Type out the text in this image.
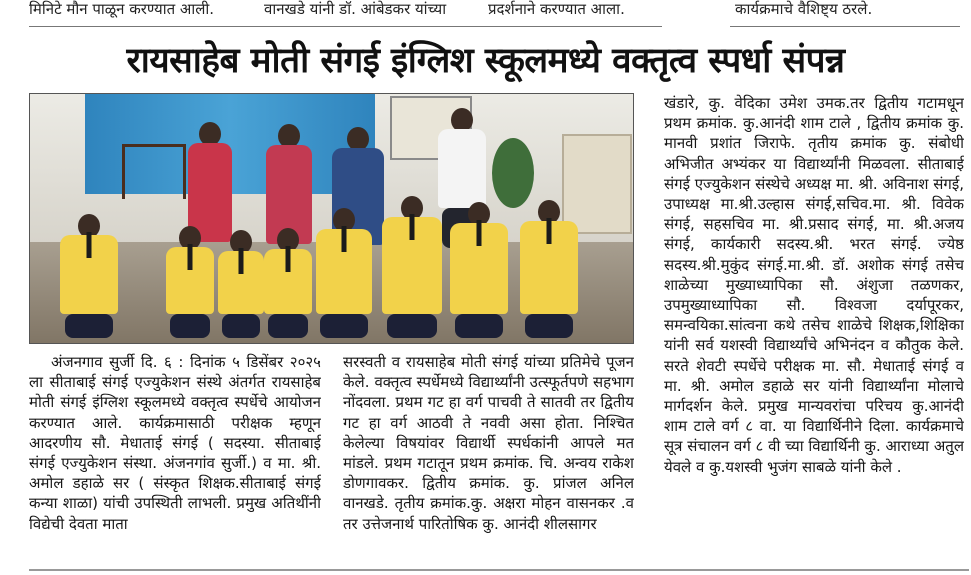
मिनिटे मौन पाळून करण्यात आली.	वानखडे यांनी डॉ. आंबेडकर यांच्या	प्रदर्शनाने करण्यात आला.	कार्यक्रमाचे वैशिष्ट्य ठरले.
रायसाहेब मोती संगई इंग्लिश स्कूलमध्ये वक्तृत्व स्पर्धा संपन्न

अंजनगाव सुर्जी दि. ६ : दिनांक ५ डिसेंबर २०२५ ला सीताबाई संगई एज्युकेशन संस्थे अंतर्गत रायसाहेब मोती संगई इंग्लिश स्कूलमध्ये वक्तृत्व स्पर्धेचे आयोजन करण्यात आले. कार्यक्रमासाठी परीक्षक म्हणून आदरणीय सौ. मेधाताई संगई ( सदस्या. सीताबाई संगई एज्युकेशन संस्था. अंजनगांव सुर्जी.) व मा. श्री. अमोल डहाळे सर ( संस्कृत शिक्षक.सीताबाई संगई कन्या शाळा) यांची उपस्थिती लाभली. प्रमुख अतिथींनी विद्येची देवता माता

सरस्वती व रायसाहेब मोती संगई यांच्या प्रतिमेचे पूजन केले. वक्तृत्व स्पर्धेमध्ये विद्यार्थ्यांनी उत्स्फूर्तपणे सहभाग नोंदवला. प्रथम गट हा वर्ग पाचवी ते सातवी तर द्वितीय गट हा वर्ग आठवी ते नववी असा होता. निश्चित केलेल्या विषयांवर विद्यार्थी स्पर्धकांनी आपले मत मांडले. प्रथम गटातून प्रथम क्रमांक. चि. अन्वय राकेश डोणगावकर. द्वितीय क्रमांक. कु. प्रांजल अनिल वानखडे. तृतीय क्रमांक.कु. अक्षरा मोहन वासनकर .व तर उत्तेजनार्थ पारितोषिक कु. आनंदी शीलसागर

खंडारे, कु. वेदिका उमेश उमक.तर द्वितीय गटामधून प्रथम क्रमांक. कु.आनंदी शाम टाले , द्वितीय क्रमांक कु. मानवी प्रशांत जिराफे. तृतीय क्रमांक कु. संबोधी अभिजीत अभ्यंकर या विद्यार्थ्यांनी मिळवला. सीताबाई संगई एज्युकेशन संस्थेचे अध्यक्ष मा. श्री. अविनाश संगई, उपाध्यक्ष मा.श्री.उल्हास संगई,सचिव.मा. श्री. विवेक संगई, सहसचिव मा. श्री.प्रसाद संगई, मा. श्री.अजय संगई, कार्यकारी सदस्य.श्री. भरत संगई. ज्येष्ठ सदस्य.श्री.मुकुंद संगई.मा.श्री. डॉ. अशोक संगई तसेच शाळेच्या मुख्याध्यापिका सौ. अंशुजा तळणकर, उपमुख्याध्यापिका सौ. विश्वजा दर्यापूरकर, समन्वयिका.सांत्वना कथे तसेच शाळेचे शिक्षक,शिक्षिका यांनी सर्व यशस्वी विद्यार्थ्यांचे अभिनंदन व कौतुक केले. सरते शेवटी स्पर्धेचे परीक्षक मा. सौ. मेधाताई संगई व मा. श्री. अमोल डहाळे सर यांनी विद्यार्थ्यांना मोलाचे मार्गदर्शन केले. प्रमुख मान्यवरांचा परिचय कु.आनंदी शाम टाले वर्ग ८ वा. या विद्यार्थिनीने दिला. कार्यक्रमाचे सूत्र संचालन वर्ग ८ वी च्या विद्यार्थिनी कु. आराध्या अतुल येवले व कु.यशस्वी भुजंग साबळे यांनी केले .
